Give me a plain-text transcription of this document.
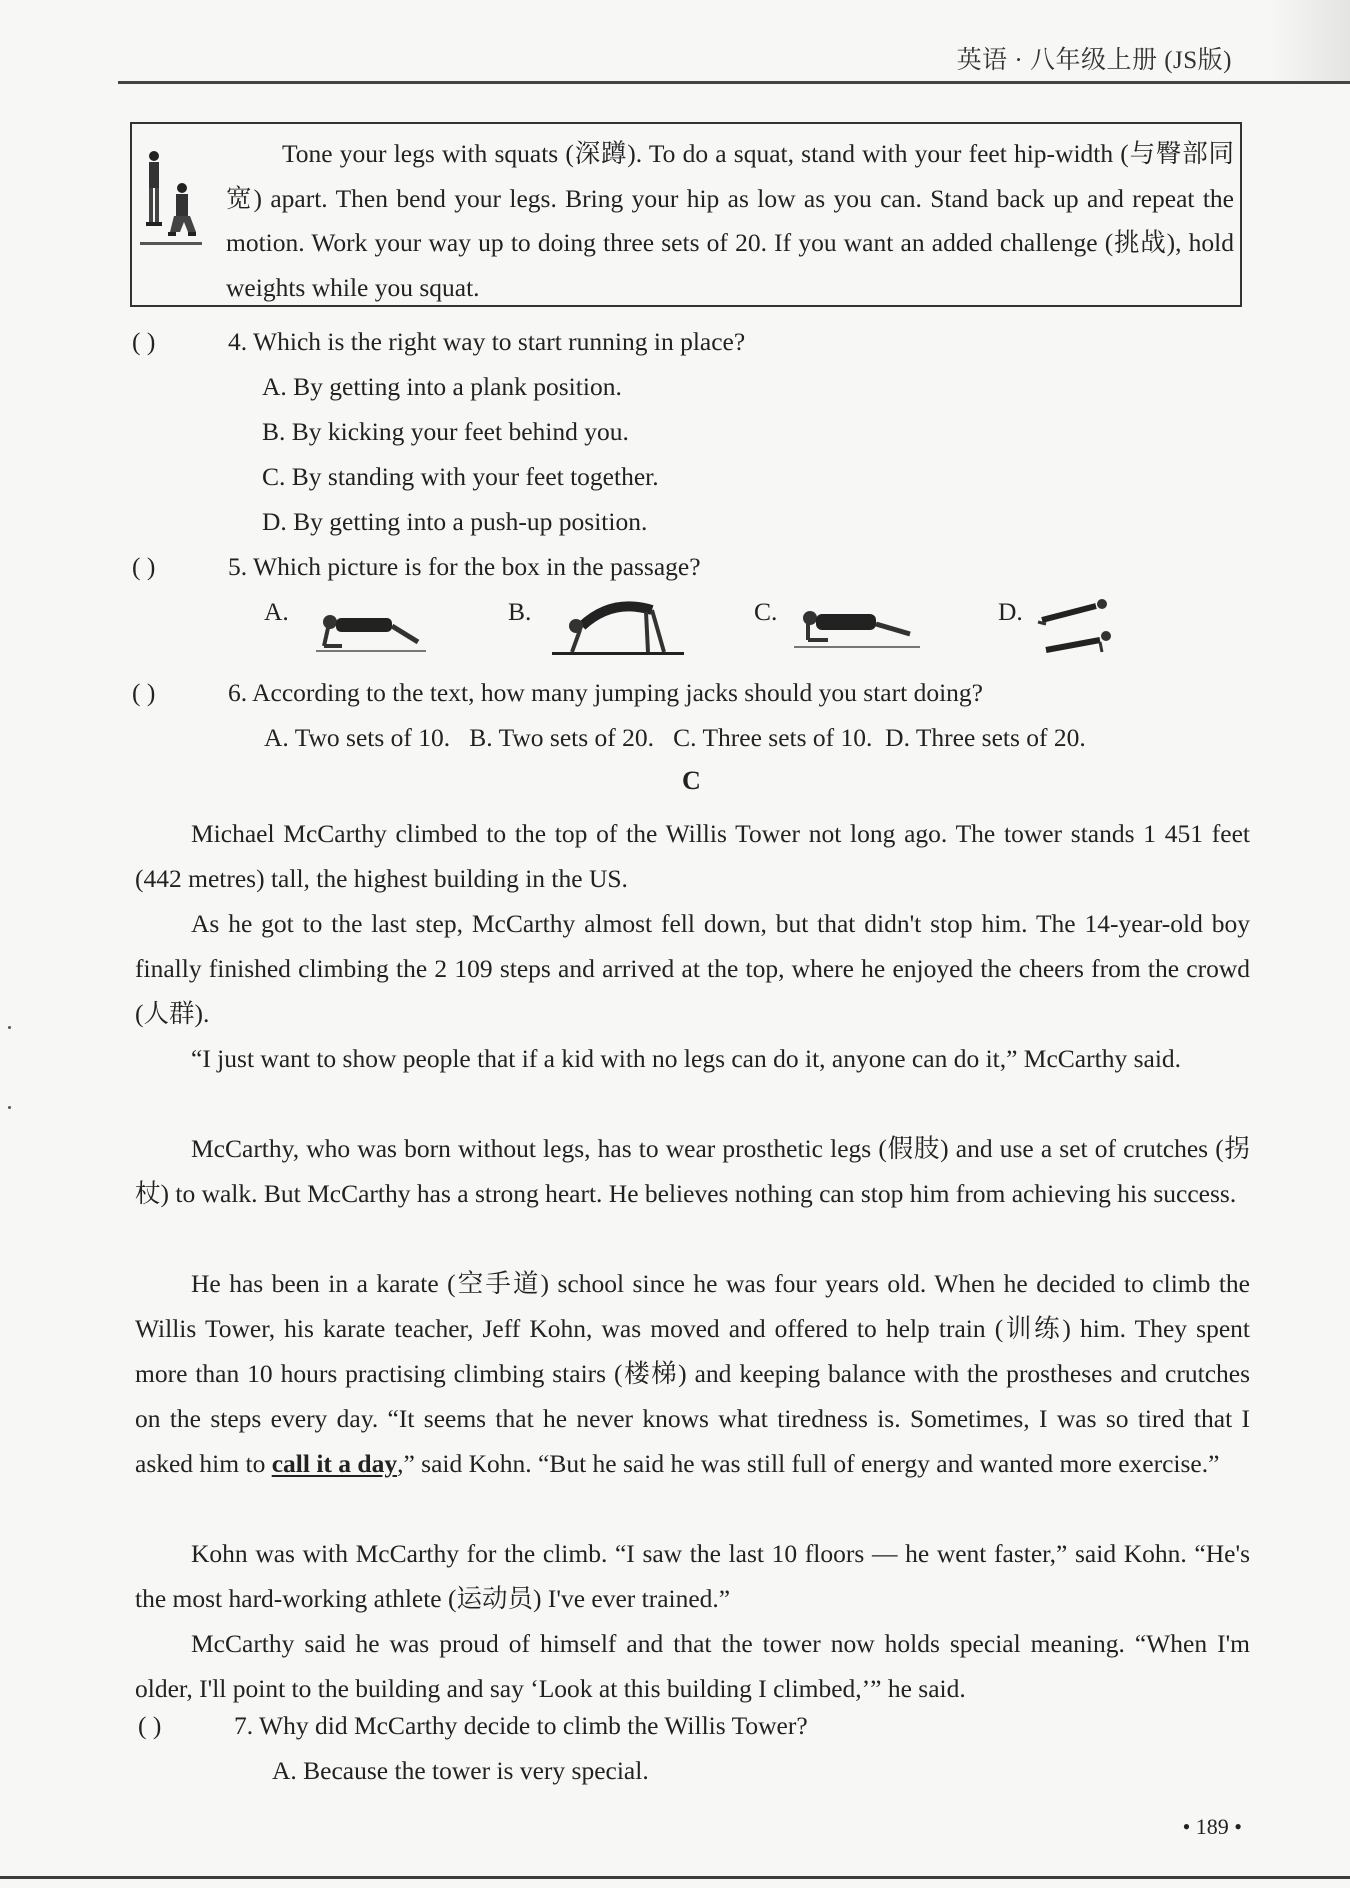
英语 · 八年级上册 (JS版)
Tone your legs with squats (深蹲). To do a squat, stand with your feet hip-width (与臀部同宽) apart. Then bend your legs. Bring your hip as low as you can. Stand back up and repeat the motion. Work your way up to doing three sets of 20. If you want an added challenge (挑战), hold weights while you squat.
( )	4. Which is the right way to start running in place?
A. By getting into a plank position.
B. By kicking your feet behind you.
C. By standing with your feet together.
D. By getting into a push-up position.
( )	5. Which picture is for the box in the passage?
A.	B.	C.	D.
( )	6. According to the text, how many jumping jacks should you start doing?
A. Two sets of 10.   B. Two sets of 20.   C. Three sets of 10.  D. Three sets of 20.
C
Michael McCarthy climbed to the top of the Willis Tower not long ago. The tower stands 1 451 feet (442 metres) tall, the highest building in the US.
As he got to the last step, McCarthy almost fell down, but that didn't stop him. The 14-year-old boy finally finished climbing the 2 109 steps and arrived at the top, where he enjoyed the cheers from the crowd (人群).
“I just want to show people that if a kid with no legs can do it, anyone can do it,” McCarthy said.
McCarthy, who was born without legs, has to wear prosthetic legs (假肢) and use a set of crutches (拐杖) to walk. But McCarthy has a strong heart. He believes nothing can stop him from achieving his success.
He has been in a karate (空手道) school since he was four years old. When he decided to climb the Willis Tower, his karate teacher, Jeff Kohn, was moved and offered to help train (训练) him. They spent more than 10 hours practising climbing stairs (楼梯) and keeping balance with the prostheses and crutches on the steps every day. “It seems that he never knows what tiredness is. Sometimes, I was so tired that I asked him to call it a day,” said Kohn. “But he said he was still full of energy and wanted more exercise.”
Kohn was with McCarthy for the climb. “I saw the last 10 floors — he went faster,” said Kohn. “He's the most hard-working athlete (运动员) I've ever trained.”
McCarthy said he was proud of himself and that the tower now holds special meaning. “When I'm older, I'll point to the building and say ‘Look at this building I climbed,’” he said.
( )	7. Why did McCarthy decide to climb the Willis Tower?
A. Because the tower is very special.
• 189 •
